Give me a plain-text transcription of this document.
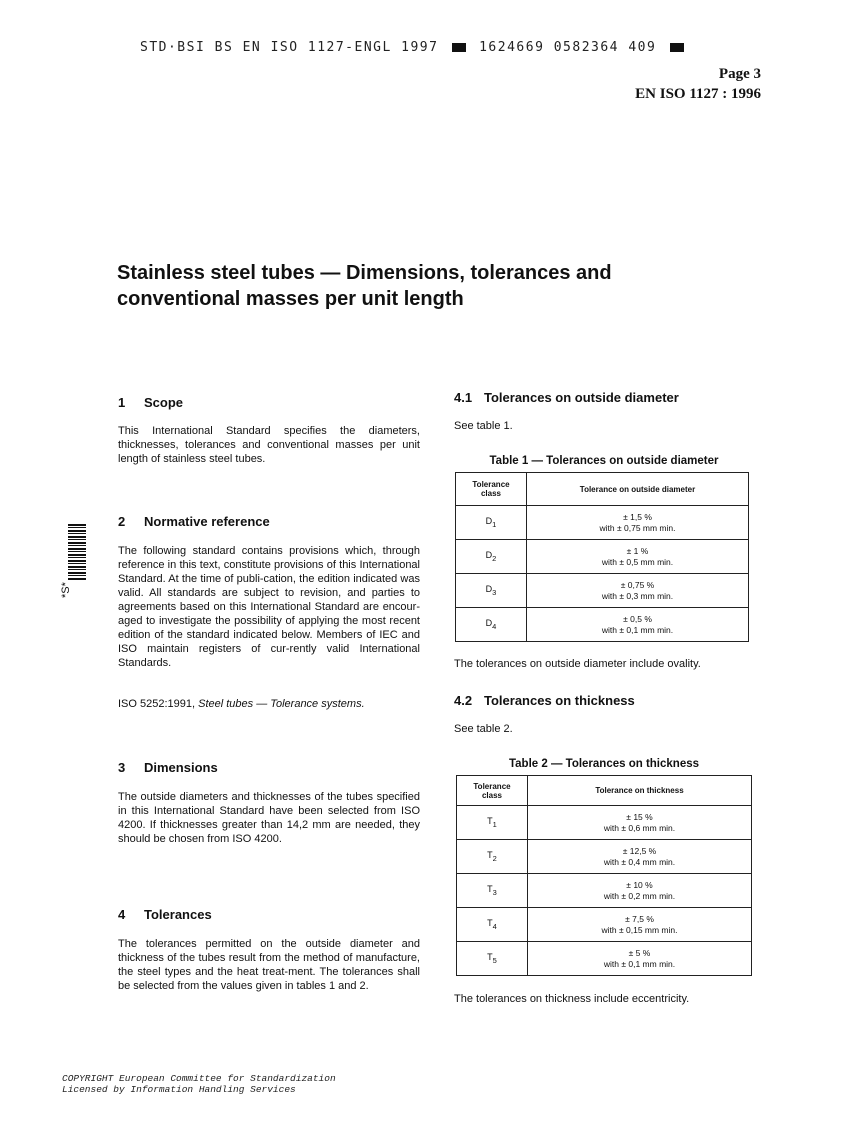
STD·BSI BS EN ISO 1127-ENGL 1997	1624669 0582364 409
Page 3
EN ISO 1127 : 1996
Stainless steel tubes — Dimensions, tolerances and
conventional masses per unit length
*S*
1 Scope
This International Standard specifies the diameters, thicknesses, tolerances and conventional masses per unit length of stainless steel tubes.
2 Normative reference
The following standard contains provisions which, through reference in this text, constitute provisions of this International Standard. At the time of publi-cation, the edition indicated was valid. All standards are subject to revision, and parties to agreements based on this International Standard are encour-aged to investigate the possibility of applying the most recent edition of the standard indicated below. Members of IEC and ISO maintain registers of cur-rently valid International Standards.
ISO 5252:1991, Steel tubes — Tolerance systems.
3 Dimensions
The outside diameters and thicknesses of the tubes specified in this International Standard have been selected from ISO 4200. If thicknesses greater than 14,2 mm are needed, they should be chosen from ISO 4200.
4 Tolerances
The tolerances permitted on the outside diameter and thickness of the tubes result from the method of manufacture, the steel types and the heat treat-ment. The tolerances shall be selected from the values given in tables 1 and 2.
4.1 Tolerances on outside diameter
See table 1.
Table 1 — Tolerances on outside diameter
Tolerance
class	Tolerance on outside diameter
$D_1$	± 1,5 %
with ± 0,75 mm min.
$D_2$	± 1 %
with ± 0,5 mm min.
$D_3$	± 0,75 %
with ± 0,3 mm min.
$D_4$	± 0,5 %
with ± 0,1 mm min.
The tolerances on outside diameter include ovality.
4.2 Tolerances on thickness
See table 2.
Table 2 — Tolerances on thickness
Tolerance
class	Tolerance on thickness
$T_1$	± 15 %
with ± 0,6 mm min.
$T_2$	± 12,5 %
with ± 0,4 mm min.
$T_3$	± 10 %
with ± 0,2 mm min.
$T_4$	± 7,5 %
with ± 0,15 mm min.
$T_5$	± 5 %
with ± 0,1 mm min.
The tolerances on thickness include eccentricity.
COPYRIGHT European Committee for Standardization
Licensed by Information Handling Services
